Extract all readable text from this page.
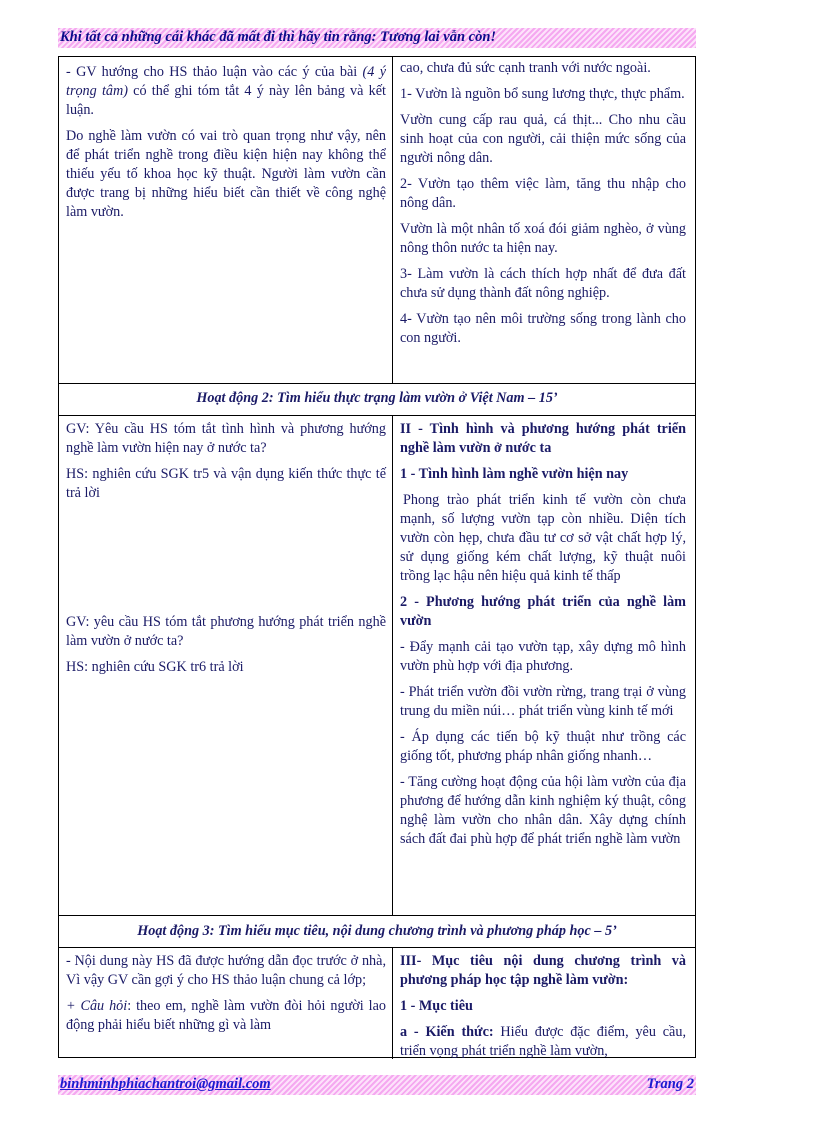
Khi tất cả những cái khác đã mất đi thì hãy tin rằng: Tương lai vẫn còn!

- GV hướng cho HS thảo luận vào các ý của bài (4 ý trọng tâm) có thể ghi tóm tắt 4 ý này lên bảng và kết luận.

Do nghề làm vườn có vai trò quan trọng như vậy, nên để phát triển nghề trong điều kiện hiện nay không thể thiếu yếu tố khoa học kỹ thuật. Người làm vườn cần được trang bị những hiểu biết cần thiết về công nghệ làm vườn.

cao, chưa đủ sức cạnh tranh với nước ngoài.

1- Vườn là nguồn bổ sung lương thực, thực phẩm.

Vườn cung cấp rau quả, cá thịt... Cho nhu cầu sinh hoạt của con người, cải thiện mức sống của người nông dân.

2- Vườn tạo thêm việc làm, tăng thu nhập cho nông dân.

Vườn là một nhân tố xoá đói giảm nghèo, ở vùng nông thôn nước ta hiện nay.

3- Làm vườn là cách thích hợp nhất để đưa đất chưa sử dụng thành đất nông nghiệp.

4- Vườn tạo nên môi trường sống trong lành cho con người.

Hoạt động 2: Tìm hiểu thực trạng làm vườn ở Việt Nam – 15’

GV: Yêu cầu HS tóm tắt tình hình và phương hướng nghề làm vườn hiện nay ở nước ta?

HS: nghiên cứu SGK tr5 và vận dụng kiến thức thực tế trả lời

GV: yêu cầu HS tóm tắt phương hướng phát triển nghề làm vườn ở nước ta?

HS: nghiên cứu SGK tr6 trả lời

II - Tình hình và phương hướng phát triển nghề làm vườn ở nước ta

1 - Tình hình làm nghề vườn hiện nay

Phong trào phát triển kinh tế vườn còn chưa mạnh, số lượng vườn tạp còn nhiều. Diện tích vườn còn hẹp, chưa đầu tư cơ sở vật chất hợp lý, sử dụng giống kém chất lượng, kỹ thuật nuôi trồng lạc hậu nên hiệu quả kinh tế thấp

2 - Phương hướng phát triển của nghề làm vườn

- Đẩy mạnh cải tạo vườn tạp, xây dựng mô hình vườn phù hợp với địa phương.

- Phát triển vườn đồi vườn rừng, trang trại ở vùng trung du miền núi… phát triển vùng kinh tế mới

- Áp dụng các tiến bộ kỹ thuật như trồng các giống tốt, phương pháp nhân giống nhanh…

- Tăng cường hoạt động của hội làm vườn của địa phương để hướng dẫn kinh nghiệm ký thuật, công nghệ làm vườn cho nhân dân. Xây dựng chính sách đất đai phù hợp để phát triển nghề làm vườn

Hoạt động 3: Tìm hiểu mục tiêu, nội dung chương trình và phương pháp học – 5’

- Nội dung này HS đã được hướng dẫn đọc trước ở nhà, Vì vậy GV cần gợi ý cho HS thảo luận chung cả lớp;

+ Câu hỏi: theo em, nghề làm vườn đòi hỏi người lao động phải hiểu biết những gì và làm

III- Mục tiêu nội dung chương trình và phương pháp học tập nghề làm vườn:

1 - Mục tiêu

a - Kiến thức: Hiểu được đặc điểm, yêu cầu, triển vọng phát triển nghề làm vườn,

binhminhphiachantroi@gmail.com	Trang 2
